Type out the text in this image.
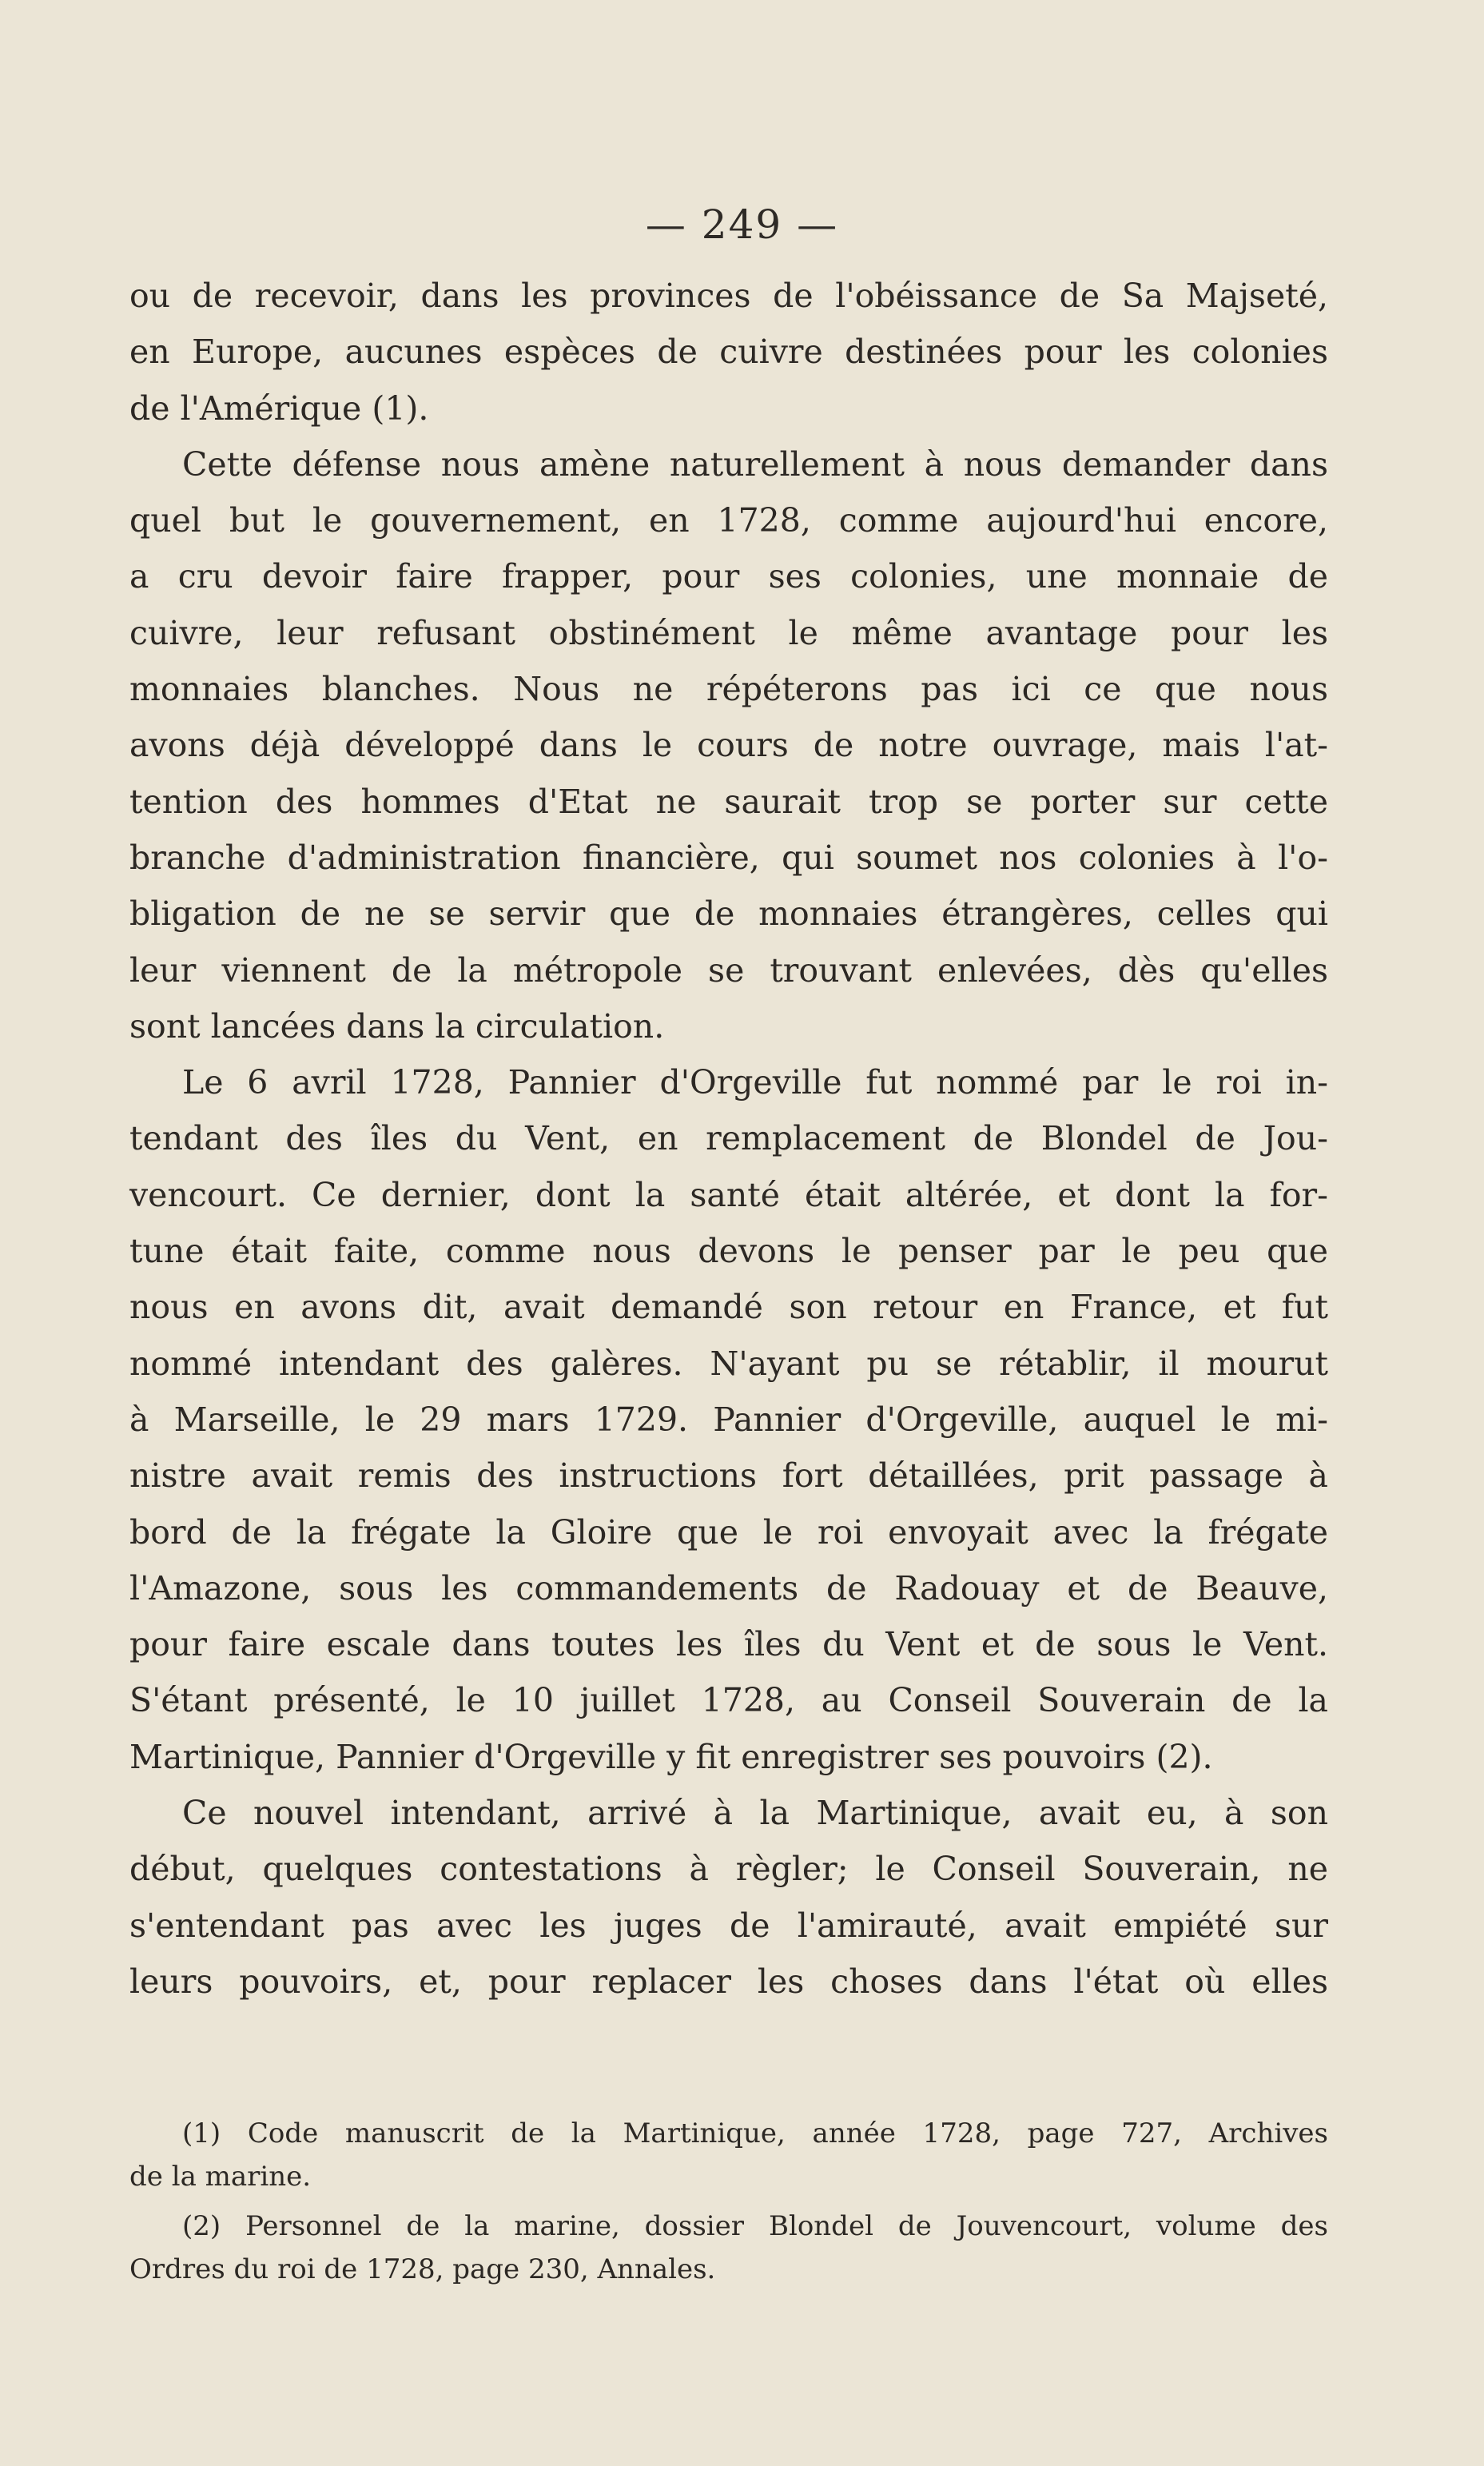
— 249 —
ou de recevoir, dans les provinces de l'obéissance de Sa Majseté,
en Europe, aucunes espèces de cuivre destinées pour les colonies
de l'Amérique (1).
Cette défense nous amène naturellement à nous demander dans
quel but le gouvernement, en 1728, comme aujourd'hui encore,
a cru devoir faire frapper, pour ses colonies, une monnaie de
cuivre, leur refusant obstinément le même avantage pour les
monnaies blanches. Nous ne répéterons pas ici ce que nous
avons déjà développé dans le cours de notre ouvrage, mais l'at-
tention des hommes d'Etat ne saurait trop se porter sur cette
branche d'administration financière, qui soumet nos colonies à l'o-
bligation de ne se servir que de monnaies étrangères, celles qui
leur viennent de la métropole se trouvant enlevées, dès qu'elles
sont lancées dans la circulation.
Le 6 avril 1728, Pannier d'Orgeville fut nommé par le roi in-
tendant des îles du Vent, en remplacement de Blondel de Jou-
vencourt. Ce dernier, dont la santé était altérée, et dont la for-
tune était faite, comme nous devons le penser par le peu que
nous en avons dit, avait demandé son retour en France, et fut
nommé intendant des galères. N'ayant pu se rétablir, il mourut
à Marseille, le 29 mars 1729. Pannier d'Orgeville, auquel le mi-
nistre avait remis des instructions fort détaillées, prit passage à
bord de la frégate la Gloire que le roi envoyait avec la frégate
l'Amazone, sous les commandements de Radouay et de Beauve,
pour faire escale dans toutes les îles du Vent et de sous le Vent.
S'étant présenté, le 10 juillet 1728, au Conseil Souverain de la
Martinique, Pannier d'Orgeville y fit enregistrer ses pouvoirs (2).
Ce nouvel intendant, arrivé à la Martinique, avait eu, à son
début, quelques contestations à règler; le Conseil Souverain, ne
s'entendant pas avec les juges de l'amirauté, avait empiété sur
leurs pouvoirs, et, pour replacer les choses dans l'état où elles
(1) Code manuscrit de la Martinique, année 1728, page 727, Archives
de la marine.
(2) Personnel de la marine, dossier Blondel de Jouvencourt, volume des
Ordres du roi de 1728, page 230, Annales.
